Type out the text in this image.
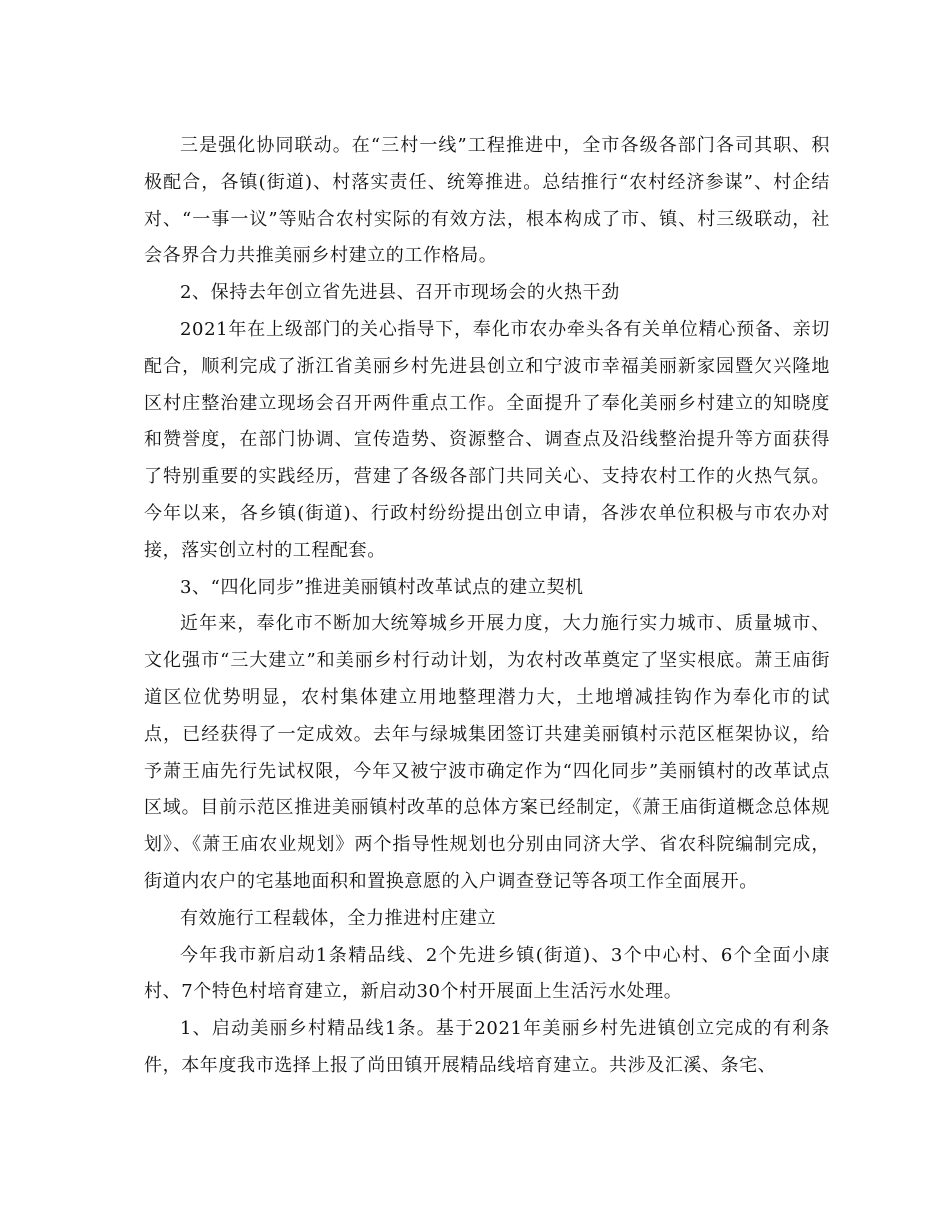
三是强化协同联动。在“三村一线”工程推进中，全市各级各部门各司其职、积极配合，各镇(街道)、村落实责任、统筹推进。总结推行“农村经济参谋”、村企结对、“一事一议”等贴合农村实际的有效方法，根本构成了市、镇、村三级联动，社会各界合力共推美丽乡村建立的工作格局。

2、保持去年创立省先进县、召开市现场会的火热干劲

2021年在上级部门的关心指导下，奉化市农办牵头各有关单位精心预备、亲切配合，顺利完成了浙江省美丽乡村先进县创立和宁波市幸福美丽新家园暨欠兴隆地区村庄整治建立现场会召开两件重点工作。全面提升了奉化美丽乡村建立的知晓度和赞誉度，在部门协调、宣传造势、资源整合、调查点及沿线整治提升等方面获得了特别重要的实践经历，营建了各级各部门共同关心、支持农村工作的火热气氛。今年以来，各乡镇(街道)、行政村纷纷提出创立申请，各涉农单位积极与市农办对接，落实创立村的工程配套。

3、“四化同步”推进美丽镇村改革试点的建立契机

近年来，奉化市不断加大统筹城乡开展力度，大力施行实力城市、质量城市、文化强市“三大建立”和美丽乡村行动计划，为农村改革奠定了坚实根底。萧王庙街道区位优势明显，农村集体建立用地整理潜力大，土地增减挂钩作为奉化市的试点，已经获得了一定成效。去年与绿城集团签订共建美丽镇村示范区框架协议，给予萧王庙先行先试权限，今年又被宁波市确定作为“四化同步”美丽镇村的改革试点区域。目前示范区推进美丽镇村改革的总体方案已经制定，《萧王庙街道概念总体规划》、《萧王庙农业规划》两个指导性规划也分别由同济大学、省农科院编制完成，街道内农户的宅基地面积和置换意愿的入户调查登记等各项工作全面展开。

有效施行工程载体，全力推进村庄建立

今年我市新启动1条精品线、2个先进乡镇(街道)、3个中心村、6个全面小康村、7个特色村培育建立，新启动30个村开展面上生活污水处理。

1、启动美丽乡村精品线1条。基于2021年美丽乡村先进镇创立完成的有利条件，本年度我市选择上报了尚田镇开展精品线培育建立。共涉及汇溪、条宅、
